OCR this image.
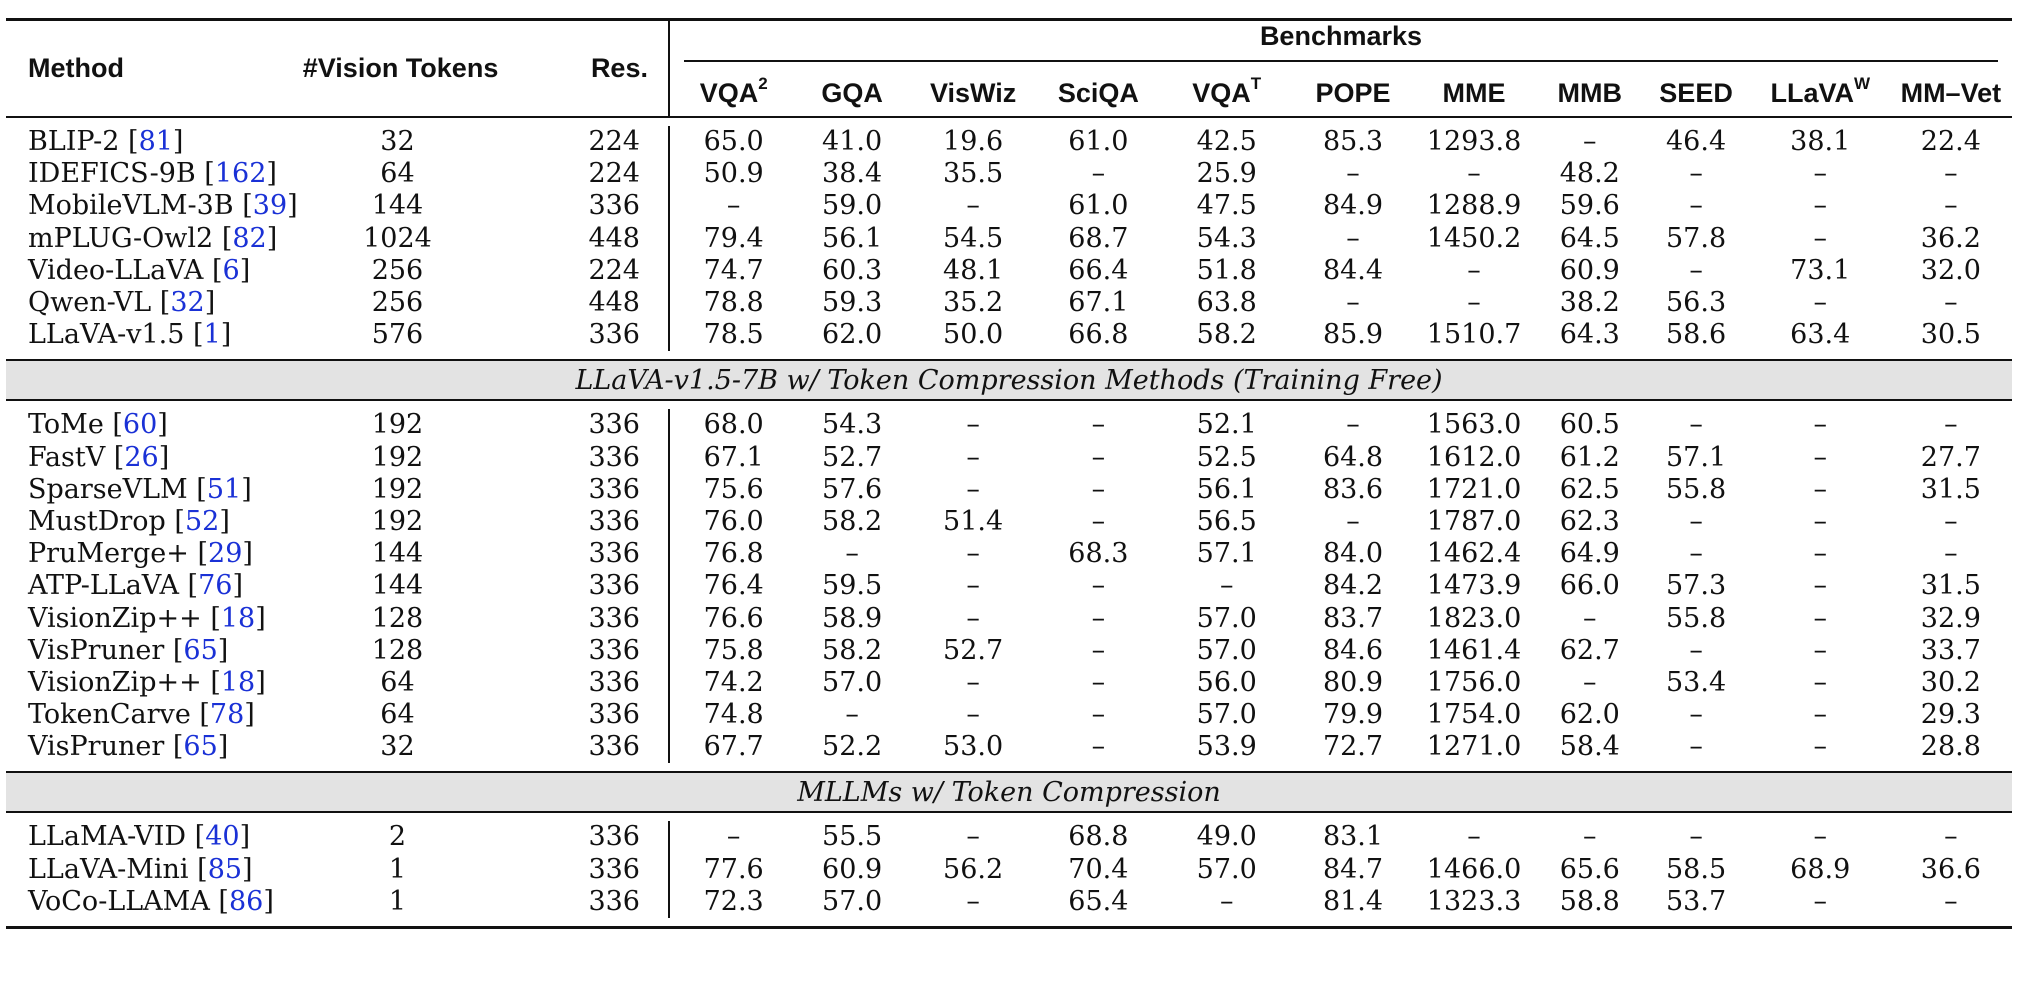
Method	#Vision Tokens	Res.	Benchmarks										

			VQA$^2$	GQA	VisWiz	SciQA	$VQA^T$	POPE	MME	MMB	SEED	LLaVA$^W$	MM–Vet

BLIP-2 [81]	32	224	65.0	41.0	19.6	61.0	42.5	85.3	1293.8	–	46.4	38.1	22.4
IDEFICS-9B [162]	64	224	50.9	38.4	35.5	–	25.9	–	–	48.2	–	–	–
MobileVLM-3B [39]	144	336	–	59.0	–	61.0	47.5	84.9	1288.9	59.6	–	–	–
mPLUG-Owl2 [82]	1024	448	79.4	56.1	54.5	68.7	54.3	–	1450.2	64.5	57.8	–	36.2
Video-LLaVA [6]	256	224	74.7	60.3	48.1	66.4	51.8	84.4	–	60.9	–	73.1	32.0
Qwen-VL [32]	256	448	78.8	59.3	35.2	67.1	63.8	–	–	38.2	56.3	–	–
LLaVA-v1.5 [1]	576	336	78.5	62.0	50.0	66.8	58.2	85.9	1510.7	64.3	58.6	63.4	30.5

LLaVA-v1.5-7B w/ Token Compression Methods (Training Free)													

ToMe [60]	192	336	68.0	54.3	–	–	52.1	–	1563.0	60.5	–	–	–
FastV [26]	192	336	67.1	52.7	–	–	52.5	64.8	1612.0	61.2	57.1	–	27.7
SparseVLM [51]	192	336	75.6	57.6	–	–	56.1	83.6	1721.0	62.5	55.8	–	31.5
MustDrop [52]	192	336	76.0	58.2	51.4	–	56.5	–	1787.0	62.3	–	–	–
PruMerge+ [29]	144	336	76.8	–	–	68.3	57.1	84.0	1462.4	64.9	–	–	–
ATP-LLaVA [76]	144	336	76.4	59.5	–	–	–	84.2	1473.9	66.0	57.3	–	31.5
VisionZip++ [18]	128	336	76.6	58.9	–	–	57.0	83.7	1823.0	–	55.8	–	32.9
VisPruner [65]	128	336	75.8	58.2	52.7	–	57.0	84.6	1461.4	62.7	–	–	33.7
VisionZip++ [18]	64	336	74.2	57.0	–	–	56.0	80.9	1756.0	–	53.4	–	30.2
TokenCarve [78]	64	336	74.8	–	–	–	57.0	79.9	1754.0	62.0	–	–	29.3
VisPruner [65]	32	336	67.7	52.2	53.0	–	53.9	72.7	1271.0	58.4	–	–	28.8

MLLMs w/ Token Compression													

LLaMA-VID [40]	2	336	–	55.5	–	68.8	49.0	83.1	–	–	–	–	–
LLaVA-Mini [85]	1	336	77.6	60.9	56.2	70.4	57.0	84.7	1466.0	65.6	58.5	68.9	36.6
VoCo-LLAMA [86]	1	336	72.3	57.0	–	65.4	–	81.4	1323.3	58.8	53.7	–	–
